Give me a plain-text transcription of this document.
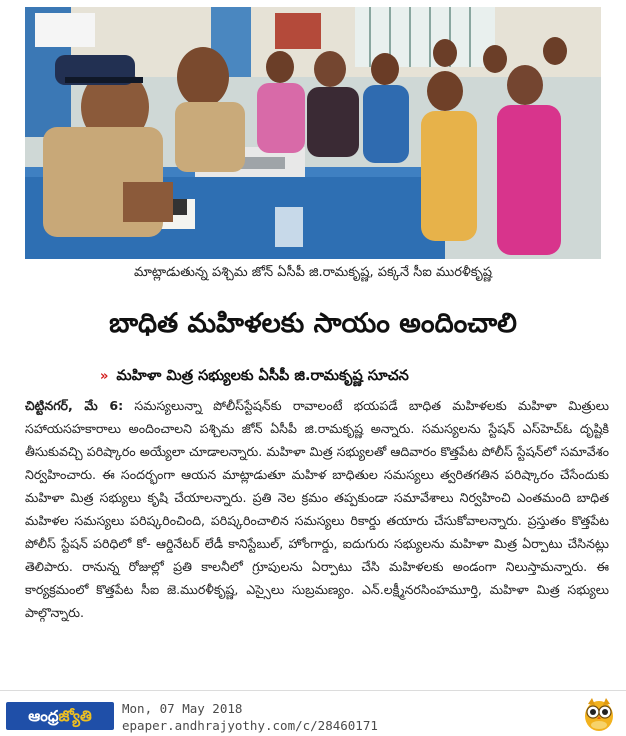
మాట్లాడుతున్న పశ్చిమ జోన్ ఏసీపీ జి.రామకృష్ణ, పక్కనే సీఐ మురళీకృష్ణ
బాధిత మహిళలకు సాయం అందించాలి
» మహిళా మిత్ర సభ్యులకు ఏసీపీ జి.రామకృష్ణ సూచన
చిట్టినగర్, మే 6: సమస్యలున్నా పోలీస్‌స్టేషన్‌కు రావాలంటే భయపడే బాధిత మహిళలకు మహిళా మిత్రులు సహాయసహకారాలు అందించాలని పశ్చిమ జోన్ ఏసీపీ జి.రామకృష్ణ అన్నారు. సమస్యలను స్టేషన్ ఎస్‌హెచ్‌ఓ దృష్టికి తీసుకువచ్చి పరిష్కారం అయ్యేలా చూడాలన్నారు. మహిళా మిత్ర సభ్యులతో ఆదివారం కొత్తపేట పోలీస్ స్టేషన్‌లో సమావేశం నిర్వహించారు. ఈ సందర్భంగా ఆయన మాట్లాడుతూ మహిళ బాధితుల సమస్యలు త్వరితగతిన పరిష్కారం చేసేందుకు మహిళా మిత్ర సభ్యులు కృషి చేయాలన్నారు. ప్రతి నెల క్రమం తప్పకుండా సమావేశాలు నిర్వహించి ఎంతమంది బాధిత మహిళల సమస్యలు పరిష్కరించింది, పరిష్కరించాలిన సమస్యలు రికార్డు తయారు చేసుకోవాలన్నారు. ప్రస్తుతం కొత్తపేట పోలీస్ స్టేషన్ పరిధిలో కో- ఆర్డినేటర్ లేడీ కానిస్టేబుల్, హోంగార్డు, ఐదుగురు సభ్యులను మహిళా మిత్ర ఏర్పాటు చేసినట్లు తెలిపారు. రానున్న రోజుల్లో ప్రతి కాలనీలో గ్రూపులను ఏర్పాటు చేసి మహిళలకు అండంగా నిలుస్తామన్నారు. ఈ కార్యక్రమంలో కొత్తపేట సీఐ జె.మురళీకృష్ణ, ఎస్సైలు సుబ్రమణ్యం. ఎన్.లక్ష్మీనరసింహమూర్తి, మహిళా మిత్ర సభ్యులు పాల్గొన్నారు.
ఆంధ్రజ్యోతి	Mon, 07 May 2018
epaper.andhrajyothy.com/c/28460171
